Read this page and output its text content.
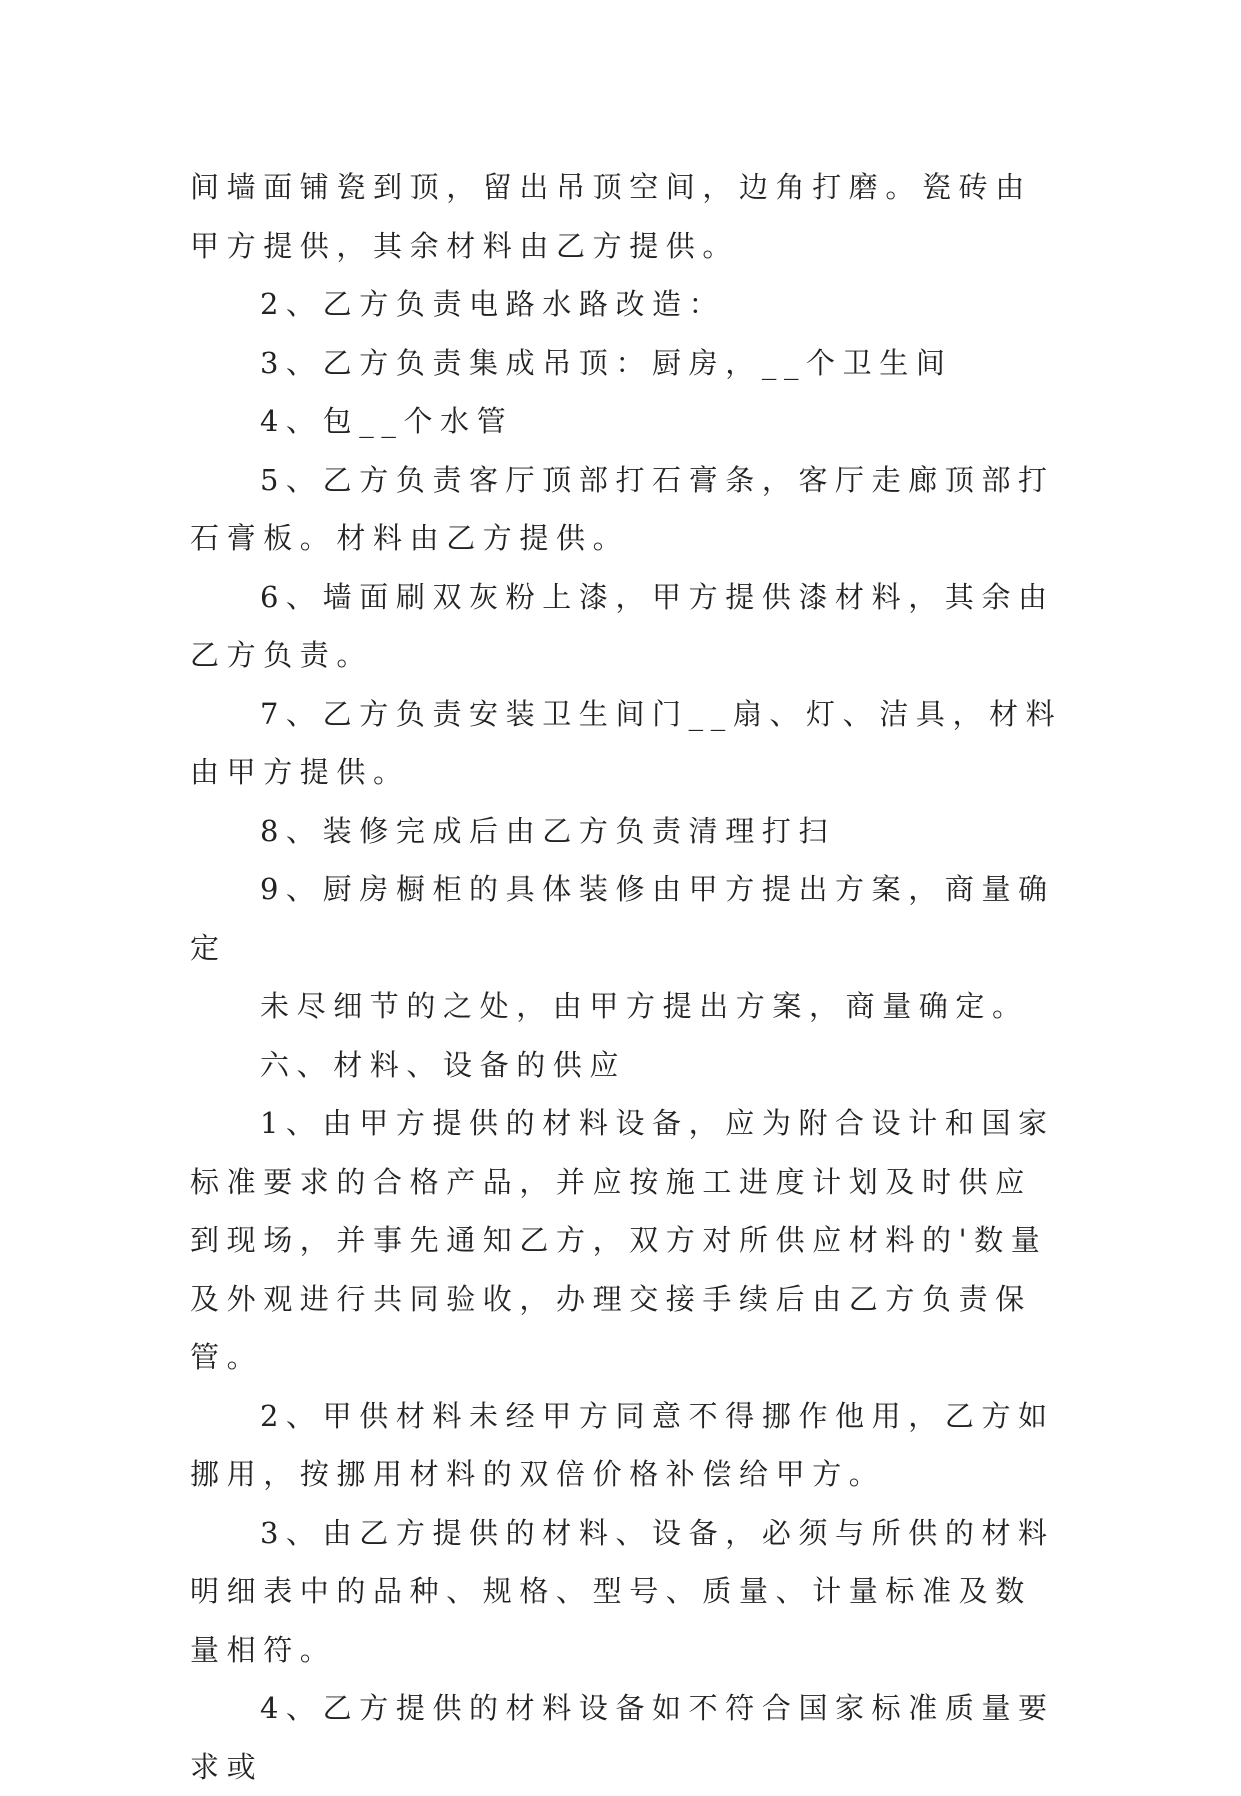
间墙面铺瓷到顶，留出吊顶空间，边角打磨。瓷砖由甲方提供，其余材料由乙方提供。

2、乙方负责电路水路改造：

3、乙方负责集成吊顶：厨房，__个卫生间

4、包__个水管

5、乙方负责客厅顶部打石膏条，客厅走廊顶部打石膏板。材料由乙方提供。

6、墙面刷双灰粉上漆，甲方提供漆材料，其余由乙方负责。

7、乙方负责安装卫生间门__扇、灯、洁具，材料由甲方提供。

8、装修完成后由乙方负责清理打扫

9、厨房橱柜的具体装修由甲方提出方案，商量确定

未尽细节的之处，由甲方提出方案，商量确定。

六、材料、设备的供应

1、由甲方提供的材料设备，应为附合设计和国家标准要求的合格产品，并应按施工进度计划及时供应到现场，并事先通知乙方，双方对所供应材料的'数量及外观进行共同验收，办理交接手续后由乙方负责保管。

2、甲供材料未经甲方同意不得挪作他用，乙方如挪用，按挪用材料的双倍价格补偿给甲方。

3、由乙方提供的材料、设备，必须与所供的材料明细表中的品种、规格、型号、质量、计量标准及数量相符。

4、乙方提供的材料设备如不符合国家标准质量要求或
